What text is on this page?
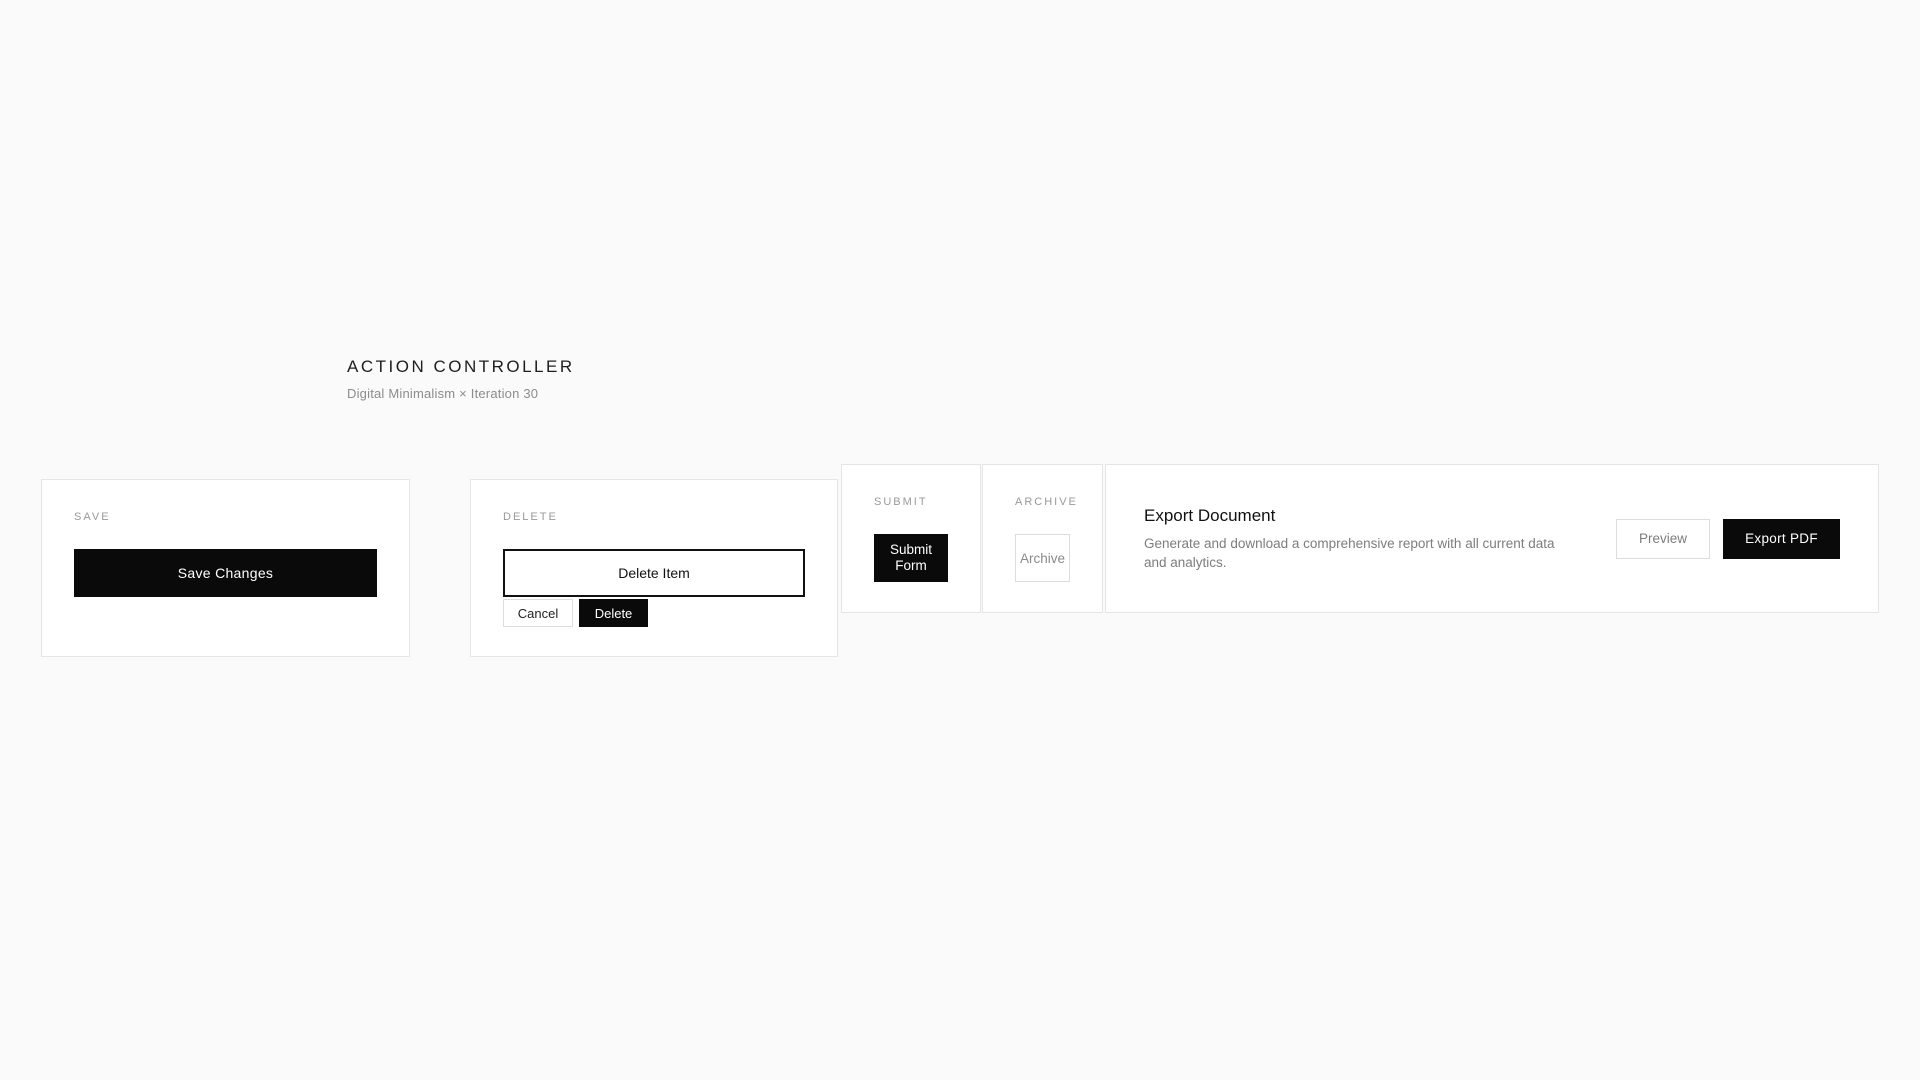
ACTION CONTROLLER
Digital Minimalism × Iteration 30
SAVE
Save Changes
DELETE
Delete Item
Cancel	Delete
SUBMIT
Submit Form
ARCHIVE
Archive
Export Document
Generate and download a comprehensive report with all current data and analytics.
Preview	Export PDF
